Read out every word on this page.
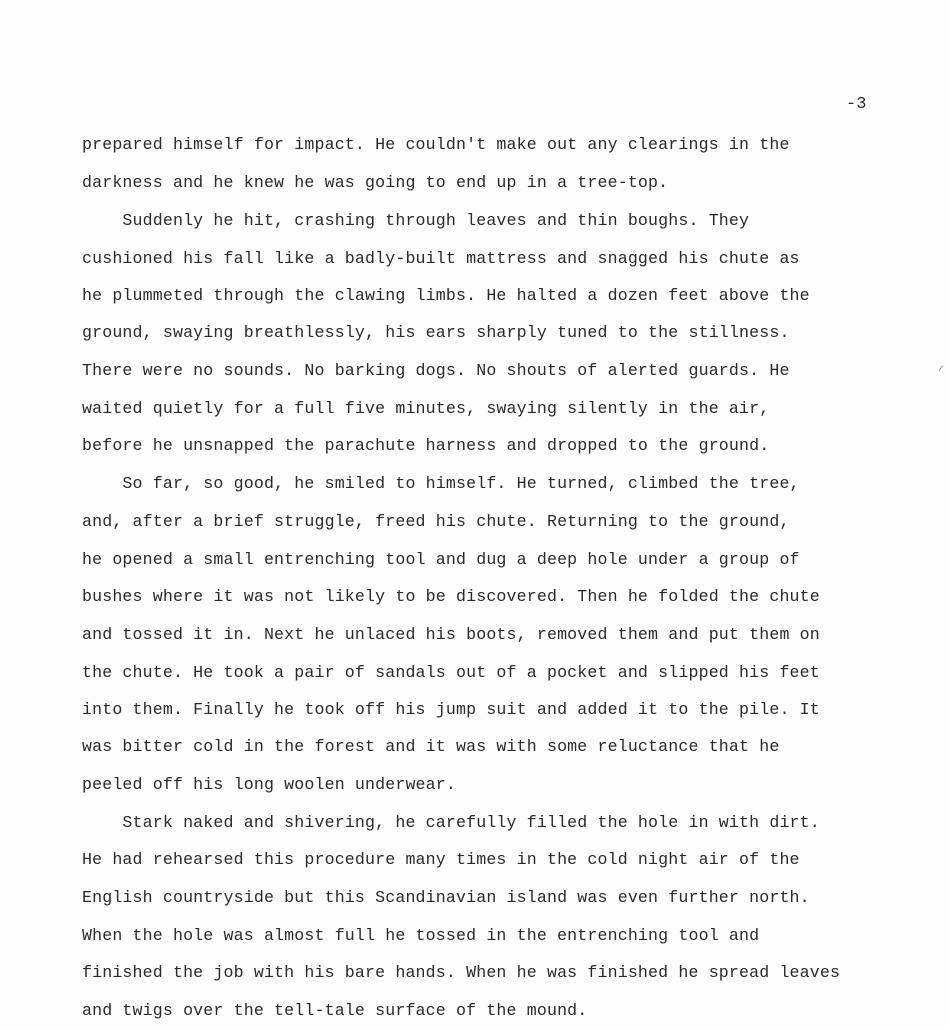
-3
prepared himself for impact. He couldn't make out any clearings in the
darkness and he knew he was going to end up in a tree-top.
Suddenly he hit, crashing through leaves and thin boughs. They
cushioned his fall like a badly-built mattress and snagged his chute as
he plummeted through the clawing limbs. He halted a dozen feet above the
ground, swaying breathlessly, his ears sharply tuned to the stillness.
There were no sounds. No barking dogs. No shouts of alerted guards. He
waited quietly for a full five minutes, swaying silently in the air,
before he unsnapped the parachute harness and dropped to the ground.
So far, so good, he smiled to himself. He turned, climbed the tree,
and, after a brief struggle, freed his chute. Returning to the ground,
he opened a small entrenching tool and dug a deep hole under a group of
bushes where it was not likely to be discovered. Then he folded the chute
and tossed it in. Next he unlaced his boots, removed them and put them on
the chute. He took a pair of sandals out of a pocket and slipped his feet
into them. Finally he took off his jump suit and added it to the pile. It
was bitter cold in the forest and it was with some reluctance that he
peeled off his long woolen underwear.
Stark naked and shivering, he carefully filled the hole in with dirt.
He had rehearsed this procedure many times in the cold night air of the
English countryside but this Scandinavian island was even further north.
When the hole was almost full he tossed in the entrenching tool and
finished the job with his bare hands. When he was finished he spread leaves
and twigs over the tell-tale surface of the mound.
